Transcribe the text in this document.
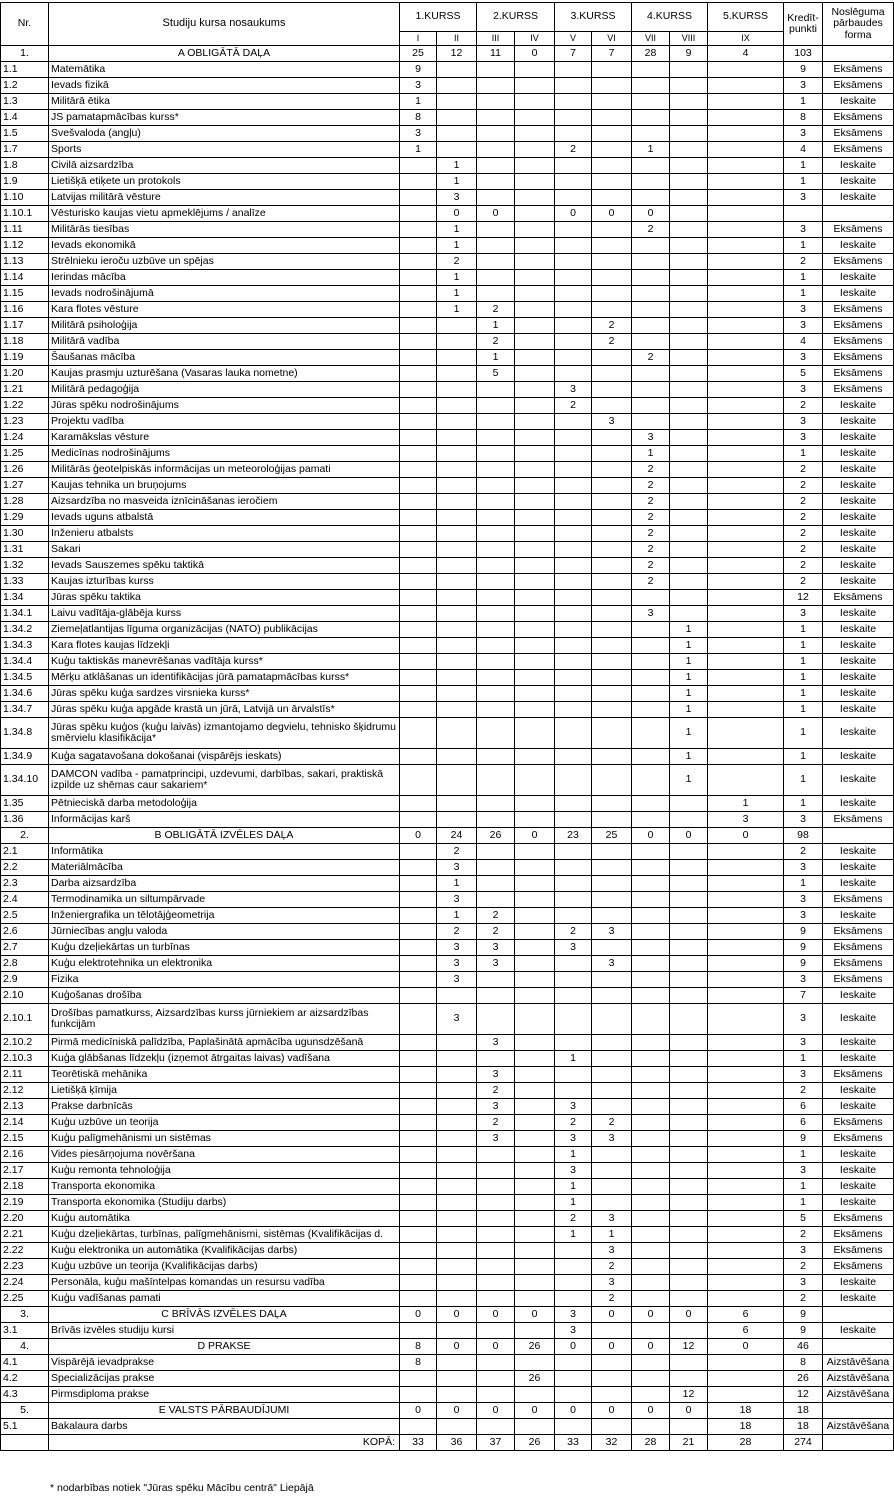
Nr.	Studiju kursa nosaukums	1.KURSS		2.KURSS		3.KURSS		4.KURSS		5.KURSS	Kredīt-punkti	Noslēguma pārbaudes forma
		I	II	III	IV	V	VI	VII	VIII	IX		
1.	A OBLIGĀTĀ DAĻA	25	12	11	0	7	7	28	9	4	103	
1.1	Matemātika	9									9	Eksāmens
1.2	Ievads fizikā	3									3	Eksāmens
1.3	Militārā ētika	1									1	Ieskaite
1.4	JS pamatapmācības kurss*	8									8	Eksāmens
1.5	Svešvaloda (angļu)	3									3	Eksāmens
1.7	Sports	1				2		1			4	Eksāmens
1.8	Civilā aizsardzība		1								1	Ieskaite
1.9	Lietišķā etiķete un protokols		1								1	Ieskaite
1.10	Latvijas militārā vēsture		3								3	Ieskaite
1.10.1	Vēsturisko kaujas vietu apmeklējums / analīze		0	0		0	0	0				
1.11	Militārās tiesības		1					2			3	Eksāmens
1.12	Ievads ekonomikā		1								1	Ieskaite
1.13	Strēlnieku ieroču uzbūve un spējas		2								2	Eksāmens
1.14	Ierindas mācība		1								1	Ieskaite
1.15	Ievads nodrošinājumā		1								1	Ieskaite
1.16	Kara flotes vēsture		1	2							3	Eksāmens
1.17	Militārā psiholoģija			1			2				3	Eksāmens
1.18	Militārā vadība			2			2				4	Eksāmens
1.19	Šaušanas mācība			1				2			3	Eksāmens
1.20	Kaujas prasmju uzturēšana (Vasaras lauka nometne)			5							5	Eksāmens
1.21	Militārā pedagoģija					3					3	Eksāmens
1.22	Jūras spēku nodrošinājums					2					2	Ieskaite
1.23	Projektu vadība						3				3	Ieskaite
1.24	Karamākslas vēsture							3			3	Ieskaite
1.25	Medicīnas nodrošinājums							1			1	Ieskaite
1.26	Militārās ģeotelpiskās informācijas un meteoroloģijas pamati							2			2	Ieskaite
1.27	Kaujas tehnika un bruņojums							2			2	Ieskaite
1.28	Aizsardzība no masveida iznīcināšanas ieročiem							2			2	Ieskaite
1.29	Ievads uguns atbalstā							2			2	Ieskaite
1.30	Inženieru atbalsts							2			2	Ieskaite
1.31	Sakari							2			2	Ieskaite
1.32	Ievads Sauszemes spēku taktikā							2			2	Ieskaite
1.33	Kaujas izturības kurss							2			2	Ieskaite
1.34	Jūras spēku taktika										12	Eksāmens
1.34.1	Laivu vadītāja-glābēja kurss							3			3	Ieskaite
1.34.2	Ziemeļatlantijas līguma organizācijas (NATO) publikācijas								1		1	Ieskaite
1.34.3	Kara flotes kaujas līdzekļi								1		1	Ieskaite
1.34.4	Kuģu taktiskās manevrēšanas vadītāja kurss*								1		1	Ieskaite
1.34.5	Mērķu atklāšanas un identifikācijas jūrā pamatapmācības kurss*								1		1	Ieskaite
1.34.6	Jūras spēku kuģa sardzes virsnieka kurss*								1		1	Ieskaite
1.34.7	Jūras spēku kuģa apgāde krastā un jūrā, Latvijā un ārvalstīs*								1		1	Ieskaite
1.34.8	Jūras spēku kuģos (kuģu laivās) izmantojamo degvielu, tehnisko šķidrumu smērvielu klasifikācija*								1		1	Ieskaite
1.34.9	Kuģa sagatavošana dokošanai (vispārējs ieskats)								1		1	Ieskaite
1.34.10	DAMCON vadība - pamatprincipi, uzdevumi, darbības, sakari, praktiskā izpilde uz shēmas caur sakariem*								1		1	Ieskaite
1.35	Pētnieciskā darba metodoloģija									1	1	Ieskaite
1.36	Informācijas karš									3	3	Eksāmens
2.	B OBLIGĀTĀ IZVĒLES DAĻA	0	24	26	0	23	25	0	0	0	98	
2.1	Informātika		2								2	Ieskaite
2.2	Materiālmācība		3								3	Ieskaite
2.3	Darba aizsardzība		1								1	Ieskaite
2.4	Termodinamika un siltumpārvade		3								3	Eksāmens
2.5	Inženiergrafika un tēlotājģeometrija		1	2							3	Ieskaite
2.6	Jūrniecības angļu valoda		2	2		2	3				9	Eksāmens
2.7	Kuģu dzeļiekārtas un turbīnas		3	3		3					9	Eksāmens
2.8	Kuģu elektrotehnika un elektronika		3	3			3				9	Eksāmens
2.9	Fizika		3								3	Eksāmens
2.10	Kuģošanas drošība										7	Ieskaite
2.10.1	Drošības pamatkurss, Aizsardzības kurss jūrniekiem ar aizsardzības funkcijām		3								3	Ieskaite
2.10.2	Pirmā medicīniskā palīdzība, Paplašinātā apmācība ugunsdzēšanā			3							3	Ieskaite
2.10.3	Kuģa glābšanas līdzekļu (izņemot ātrgaitas laivas) vadīšana					1					1	Ieskaite
2.11	Teorētiskā mehānika			3							3	Eksāmens
2.12	Lietišķā ķīmija			2							2	Ieskaite
2.13	Prakse darbnīcās			3		3					6	Ieskaite
2.14	Kuģu uzbūve un teorija			2		2	2				6	Eksāmens
2.15	Kuģu palīgmehānismi un sistēmas			3		3	3				9	Eksāmens
2.16	Vides piesārņojuma novēršana					1					1	Ieskaite
2.17	Kuģu remonta tehnoloģija					3					3	Ieskaite
2.18	Transporta ekonomika					1					1	Ieskaite
2.19	Transporta ekonomika (Studiju darbs)					1					1	Ieskaite
2.20	Kuģu automātika					2	3				5	Eksāmens
2.21	Kuģu dzeļiekārtas, turbīnas, palīgmehānismi, sistēmas (Kvalifikācijas d.					1	1				2	Eksāmens
2.22	Kuģu elektronika un automātika (Kvalifikācijas darbs)						3				3	Eksāmens
2.23	Kuģu uzbūve un teorija (Kvalifikācijas darbs)						2				2	Eksāmens
2.24	Personāla, kuģu mašīntelpas komandas un resursu vadība						3				3	Ieskaite
2.25	Kuģu vadīšanas pamati						2				2	Ieskaite
3.	C BRĪVĀS IZVĒLES DAĻA	0	0	0	0	3	0	0	0	6	9	
3.1	Brīvās izvēles studiju kursi					3				6	9	Ieskaite
4.	D PRAKSE	8	0	0	26	0	0	0	12	0	46	
4.1	Vispārējā ievadprakse	8									8	Aizstāvēšana
4.2	Specializācijas prakse				26						26	Aizstāvēšana
4.3	Pirmsdiploma prakse								12		12	Aizstāvēšana
5.	E VALSTS PĀRBAUDĪJUMI	0	0	0	0	0	0	0	0	18	18	
5.1	Bakalaura darbs									18	18	Aizstāvēšana
	KOPĀ:	33	36	37	26	33	32	28	21	28	274	
* nodarbības notiek "Jūras spēku Mācību centrā" Liepājā
